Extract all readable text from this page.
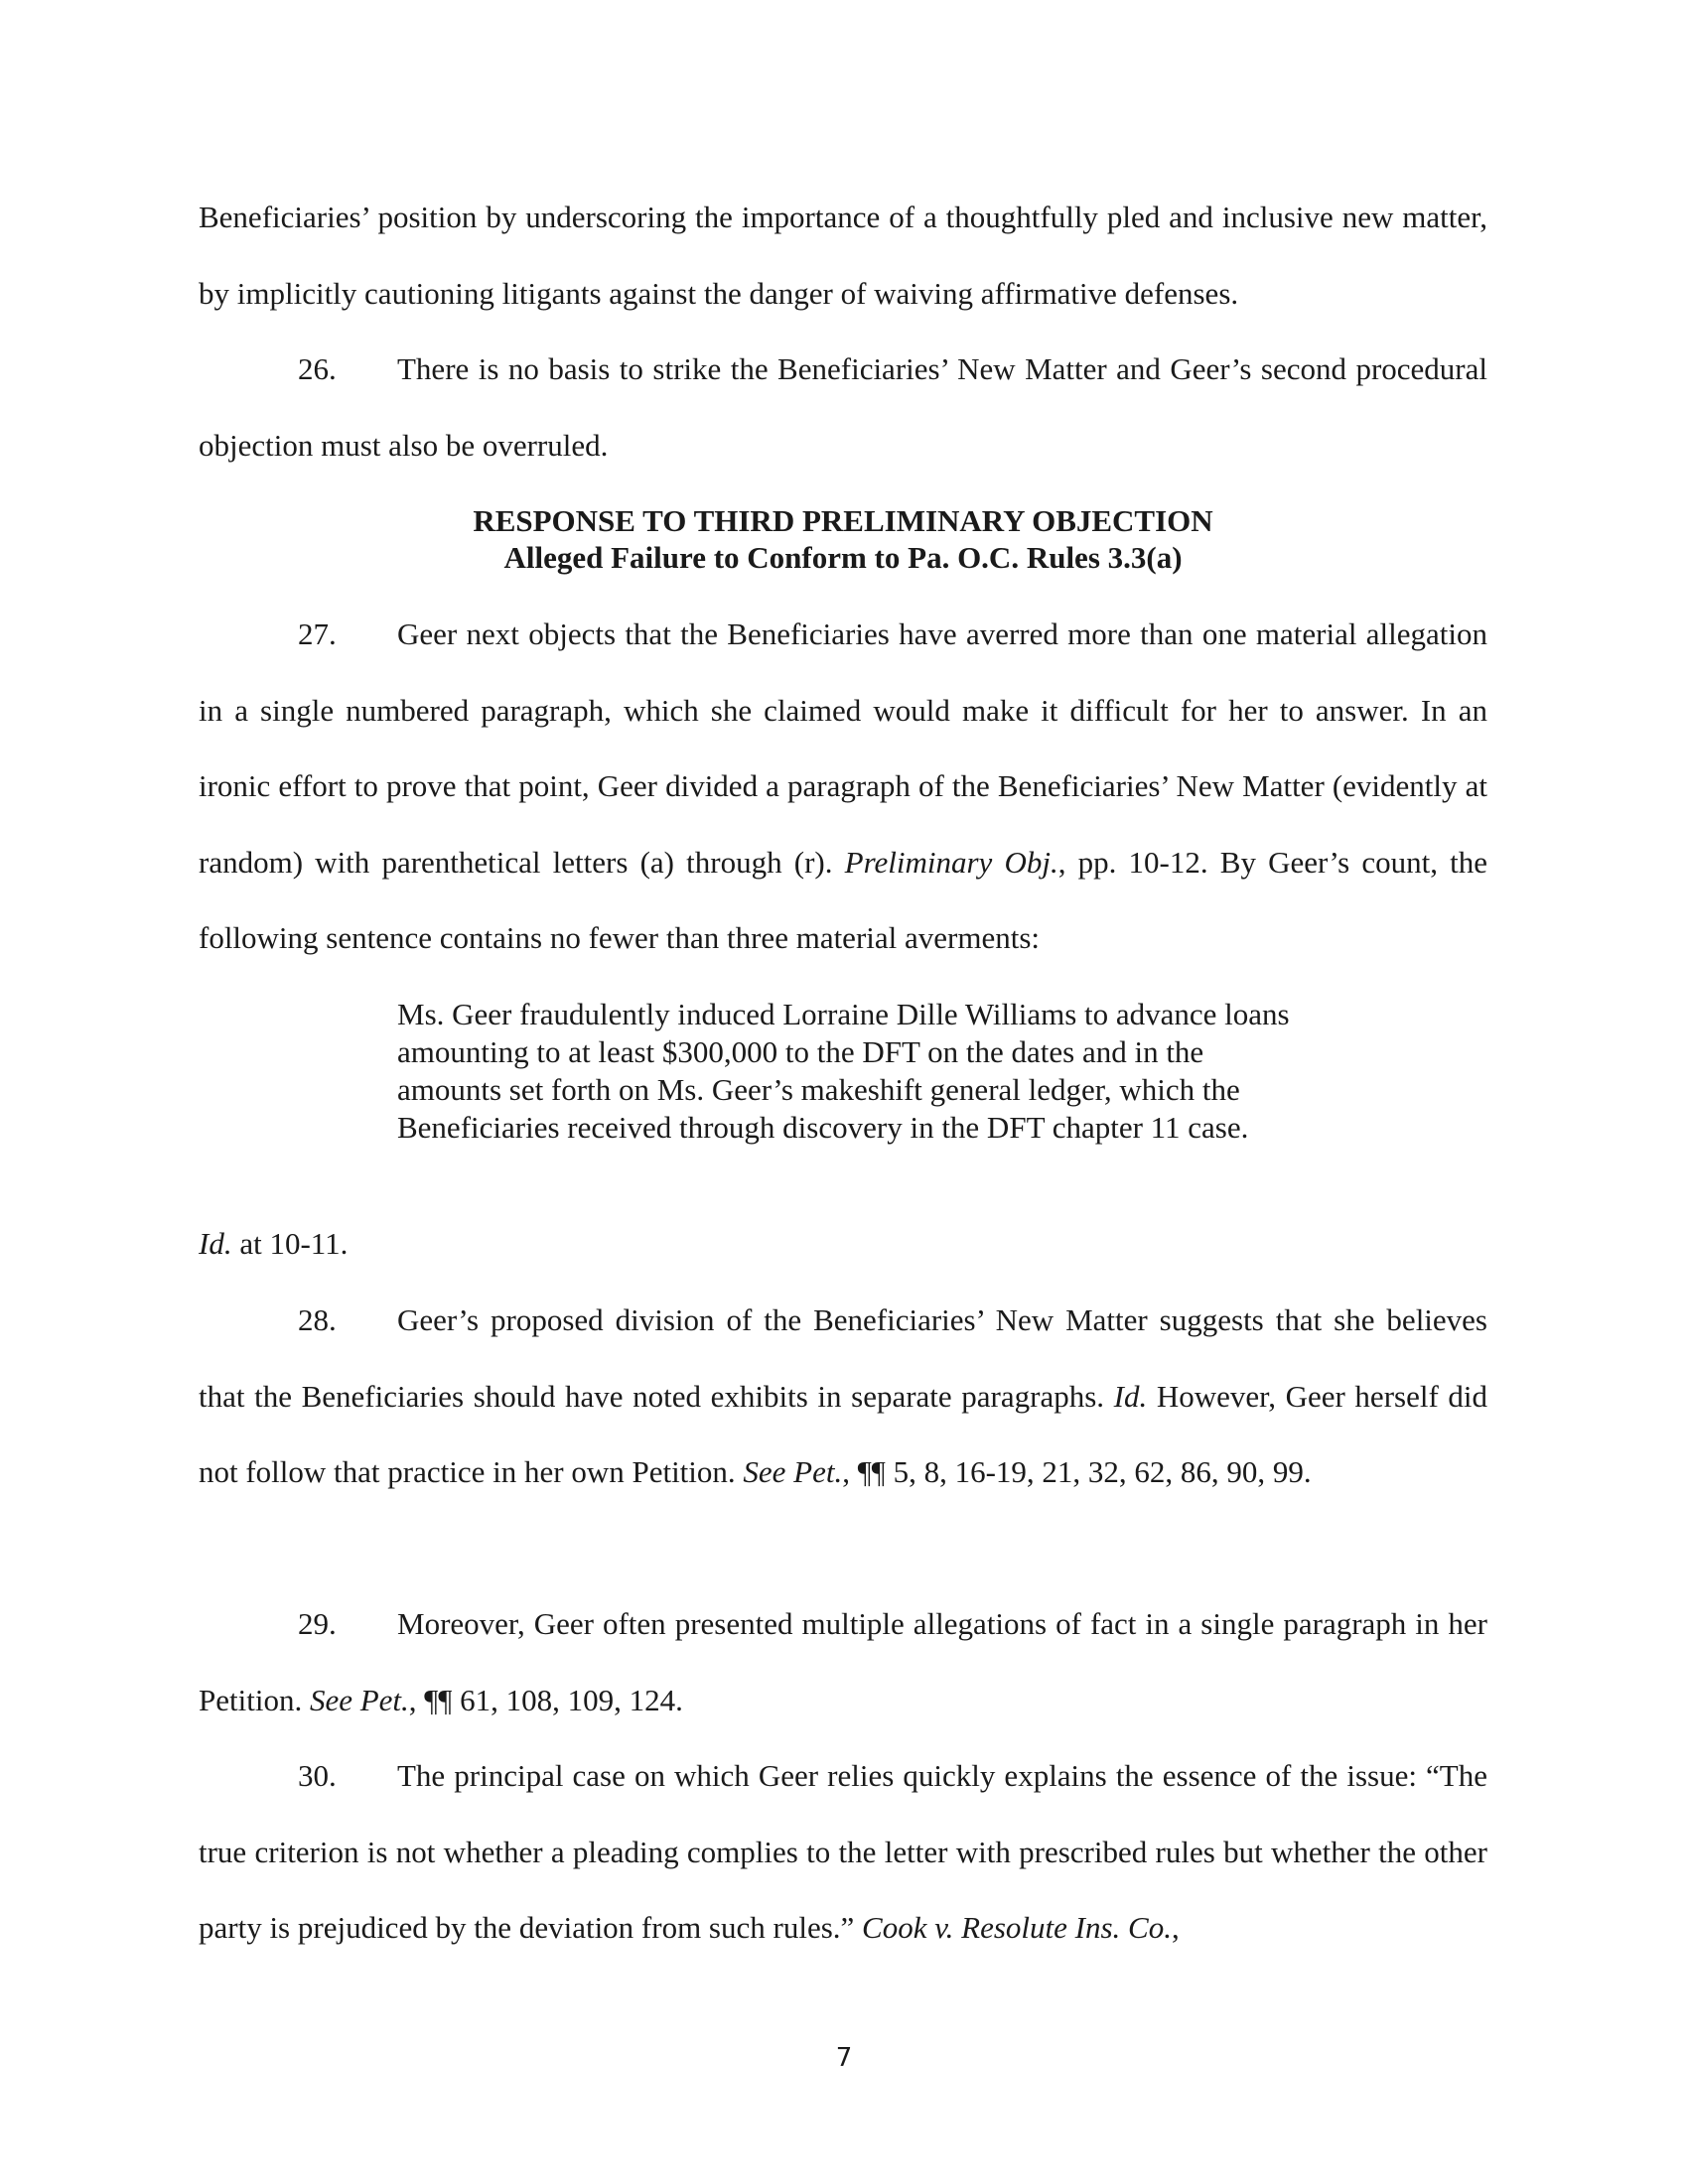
Beneficiaries’ position by underscoring the importance of a thoughtfully pled and inclusive new matter, by implicitly cautioning litigants against the danger of waiving affirmative defenses.

26. There is no basis to strike the Beneficiaries’ New Matter and Geer’s second procedural objection must also be overruled.

RESPONSE TO THIRD PRELIMINARY OBJECTION
Alleged Failure to Conform to Pa. O.C. Rules 3.3(a)

27. Geer next objects that the Beneficiaries have averred more than one material allegation in a single numbered paragraph, which she claimed would make it difficult for her to answer. In an ironic effort to prove that point, Geer divided a paragraph of the Beneficiaries’ New Matter (evidently at random) with parenthetical letters (a) through (r). Preliminary Obj., pp. 10-12. By Geer’s count, the following sentence contains no fewer than three material averments:

Ms. Geer fraudulently induced Lorraine Dille Williams to advance loans amounting to at least $300,000 to the DFT on the dates and in the amounts set forth on Ms. Geer’s makeshift general ledger, which the Beneficiaries received through discovery in the DFT chapter 11 case.

Id. at 10-11.

28. Geer’s proposed division of the Beneficiaries’ New Matter suggests that she believes that the Beneficiaries should have noted exhibits in separate paragraphs. Id. However, Geer herself did not follow that practice in her own Petition. See Pet., ¶¶ 5, 8, 16-19, 21, 32, 62, 86, 90, 99.

29. Moreover, Geer often presented multiple allegations of fact in a single paragraph in her Petition. See Pet., ¶¶ 61, 108, 109, 124.

30. The principal case on which Geer relies quickly explains the essence of the issue: “The true criterion is not whether a pleading complies to the letter with prescribed rules but whether the other party is prejudiced by the deviation from such rules.” Cook v. Resolute Ins. Co.,

7
